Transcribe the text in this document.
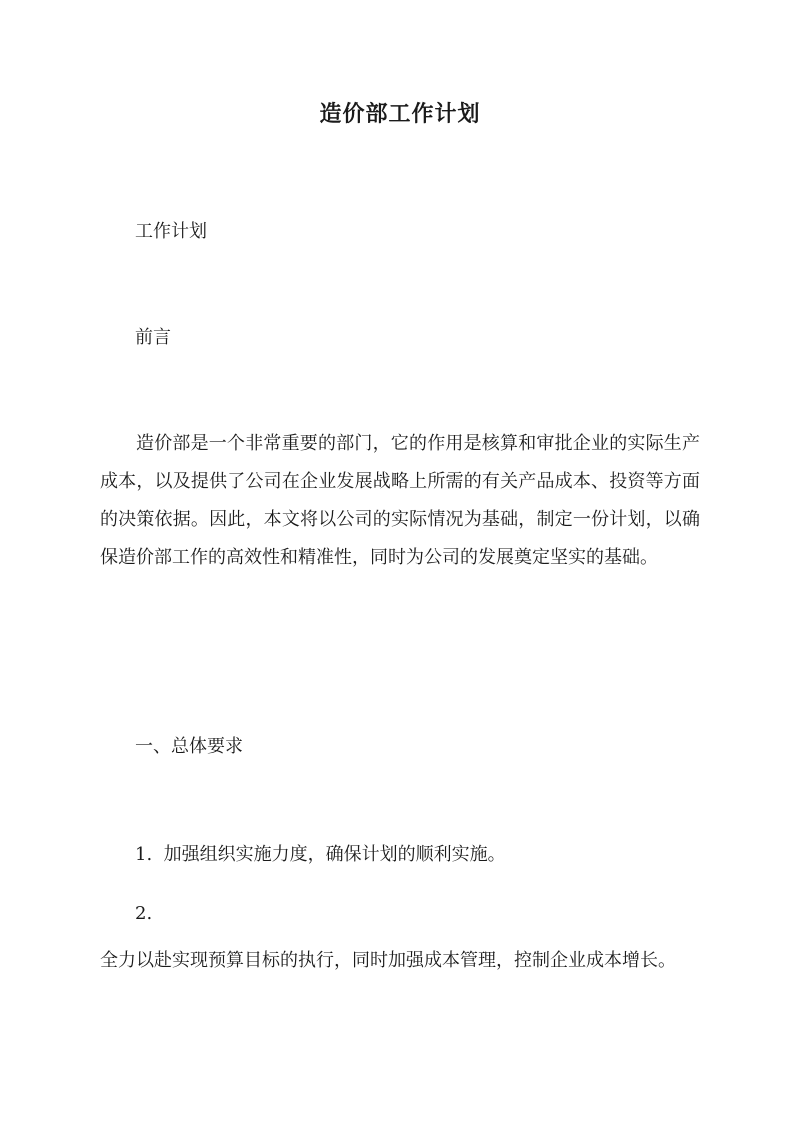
造价部工作计划

工作计划

前言

造价部是一个非常重要的部门，它的作用是核算和审批企业的实际生产成本，以及提供了公司在企业发展战略上所需的有关产品成本、投资等方面的决策依据。因此，本文将以公司的实际情况为基础，制定一份计划，以确保造价部工作的高效性和精准性，同时为公司的发展奠定坚实的基础。

一、总体要求

1. 加强组织实施力度，确保计划的顺利实施。

2.

全力以赴实现预算目标的执行，同时加强成本管理，控制企业成本增长。
